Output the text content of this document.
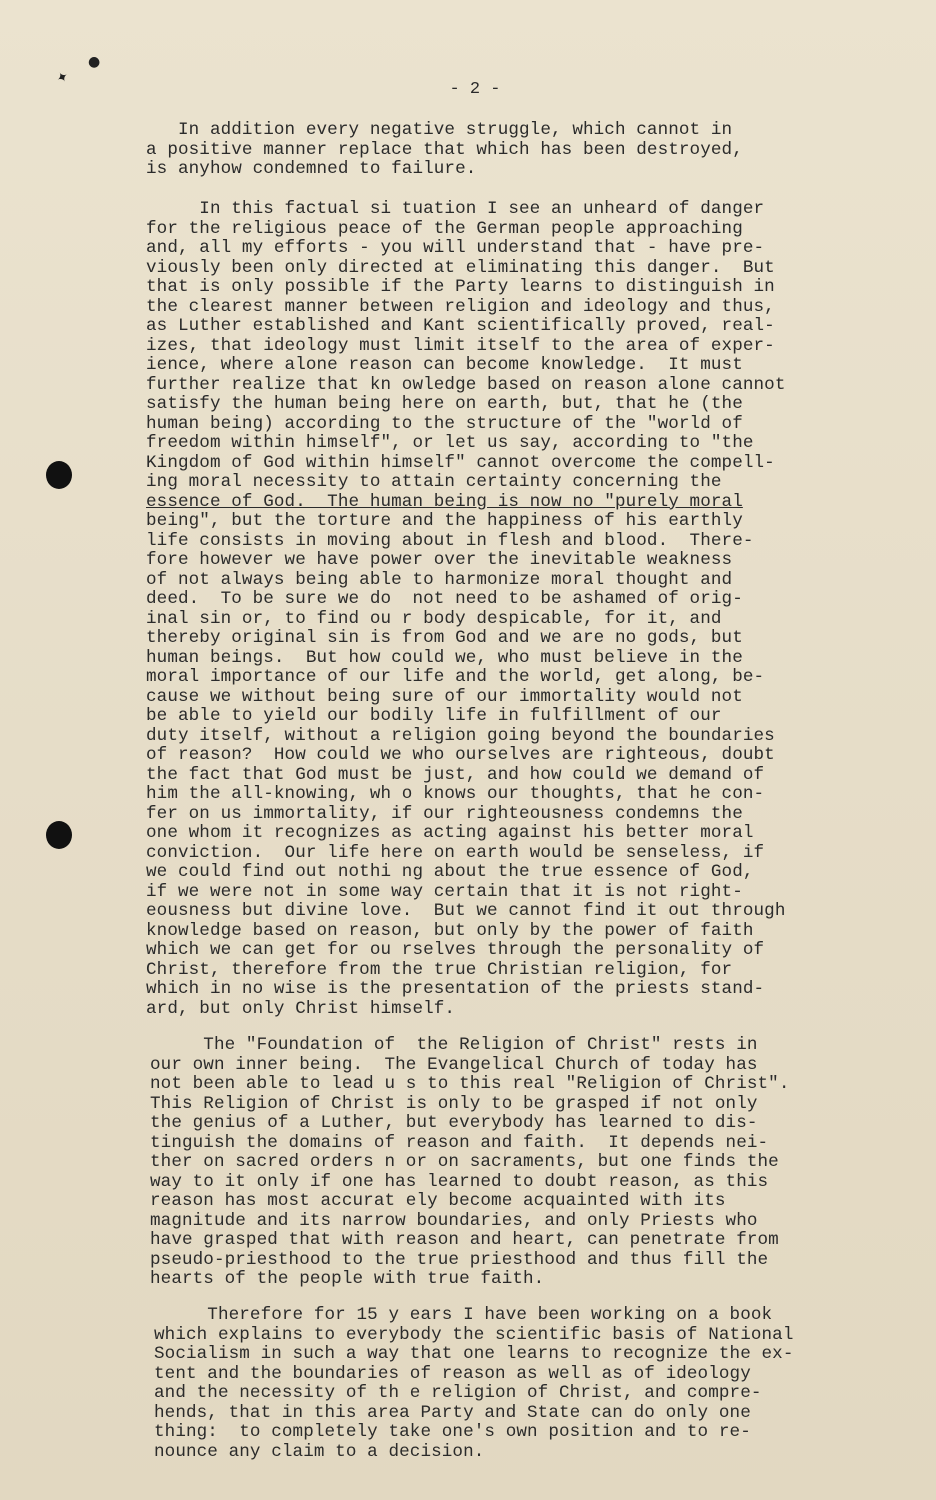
✦
●
- 2 -
In addition every negative struggle, which cannot in
a positive manner replace that which has been destroyed,
is anyhow condemned to failure.
In this factual si tuation I see an unheard of danger
for the religious peace of the German people approaching
and, all my efforts - you will understand that - have pre-
viously been only directed at eliminating this danger.  But
that is only possible if the Party learns to distinguish in
the clearest manner between religion and ideology and thus,
as Luther established and Kant scientifically proved, real-
izes, that ideology must limit itself to the area of exper-
ience, where alone reason can become knowledge.  It must
further realize that kn owledge based on reason alone cannot
satisfy the human being here on earth, but, that he (the
human being) according to the structure of the "world of
freedom within himself", or let us say, according to "the
Kingdom of God within himself" cannot overcome the compell-
ing moral necessity to attain certainty concerning the
essence of God.  The human being is now no "purely moral
being", but the torture and the happiness of his earthly
life consists in moving about in flesh and blood.  There-
fore however we have power over the inevitable weakness
of not always being able to harmonize moral thought and
deed.  To be sure we do  not need to be ashamed of orig-
inal sin or, to find ou r body despicable, for it, and
thereby original sin is from God and we are no gods, but
human beings.  But how could we, who must believe in the
moral importance of our life and the world, get along, be-
cause we without being sure of our immortality would not
be able to yield our bodily life in fulfillment of our
duty itself, without a religion going beyond the boundaries
of reason?  How could we who ourselves are righteous, doubt
the fact that God must be just, and how could we demand of
him the all-knowing, wh o knows our thoughts, that he con-
fer on us immortality, if our righteousness condemns the
one whom it recognizes as acting against his better moral
conviction.  Our life here on earth would be senseless, if
we could find out nothi ng about the true essence of God,
if we were not in some way certain that it is not right-
eousness but divine love.  But we cannot find it out through
knowledge based on reason, but only by the power of faith
which we can get for ou rselves through the personality of
Christ, therefore from the true Christian religion, for
which in no wise is the presentation of the priests stand-
ard, but only Christ himself.
The "Foundation of  the Religion of Christ" rests in
our own inner being.  The Evangelical Church of today has
not been able to lead u s to this real "Religion of Christ".
This Religion of Christ is only to be grasped if not only
the genius of a Luther, but everybody has learned to dis-
tinguish the domains of reason and faith.  It depends nei-
ther on sacred orders n or on sacraments, but one finds the
way to it only if one has learned to doubt reason, as this
reason has most accurat ely become acquainted with its
magnitude and its narrow boundaries, and only Priests who
have grasped that with reason and heart, can penetrate from
pseudo-priesthood to the true priesthood and thus fill the
hearts of the people with true faith.
Therefore for 15 y ears I have been working on a book
which explains to everybody the scientific basis of National
Socialism in such a way that one learns to recognize the ex-
tent and the boundaries of reason as well as of ideology
and the necessity of th e religion of Christ, and compre-
hends, that in this area Party and State can do only one
thing:  to completely take one's own position and to re-
nounce any claim to a decision.
